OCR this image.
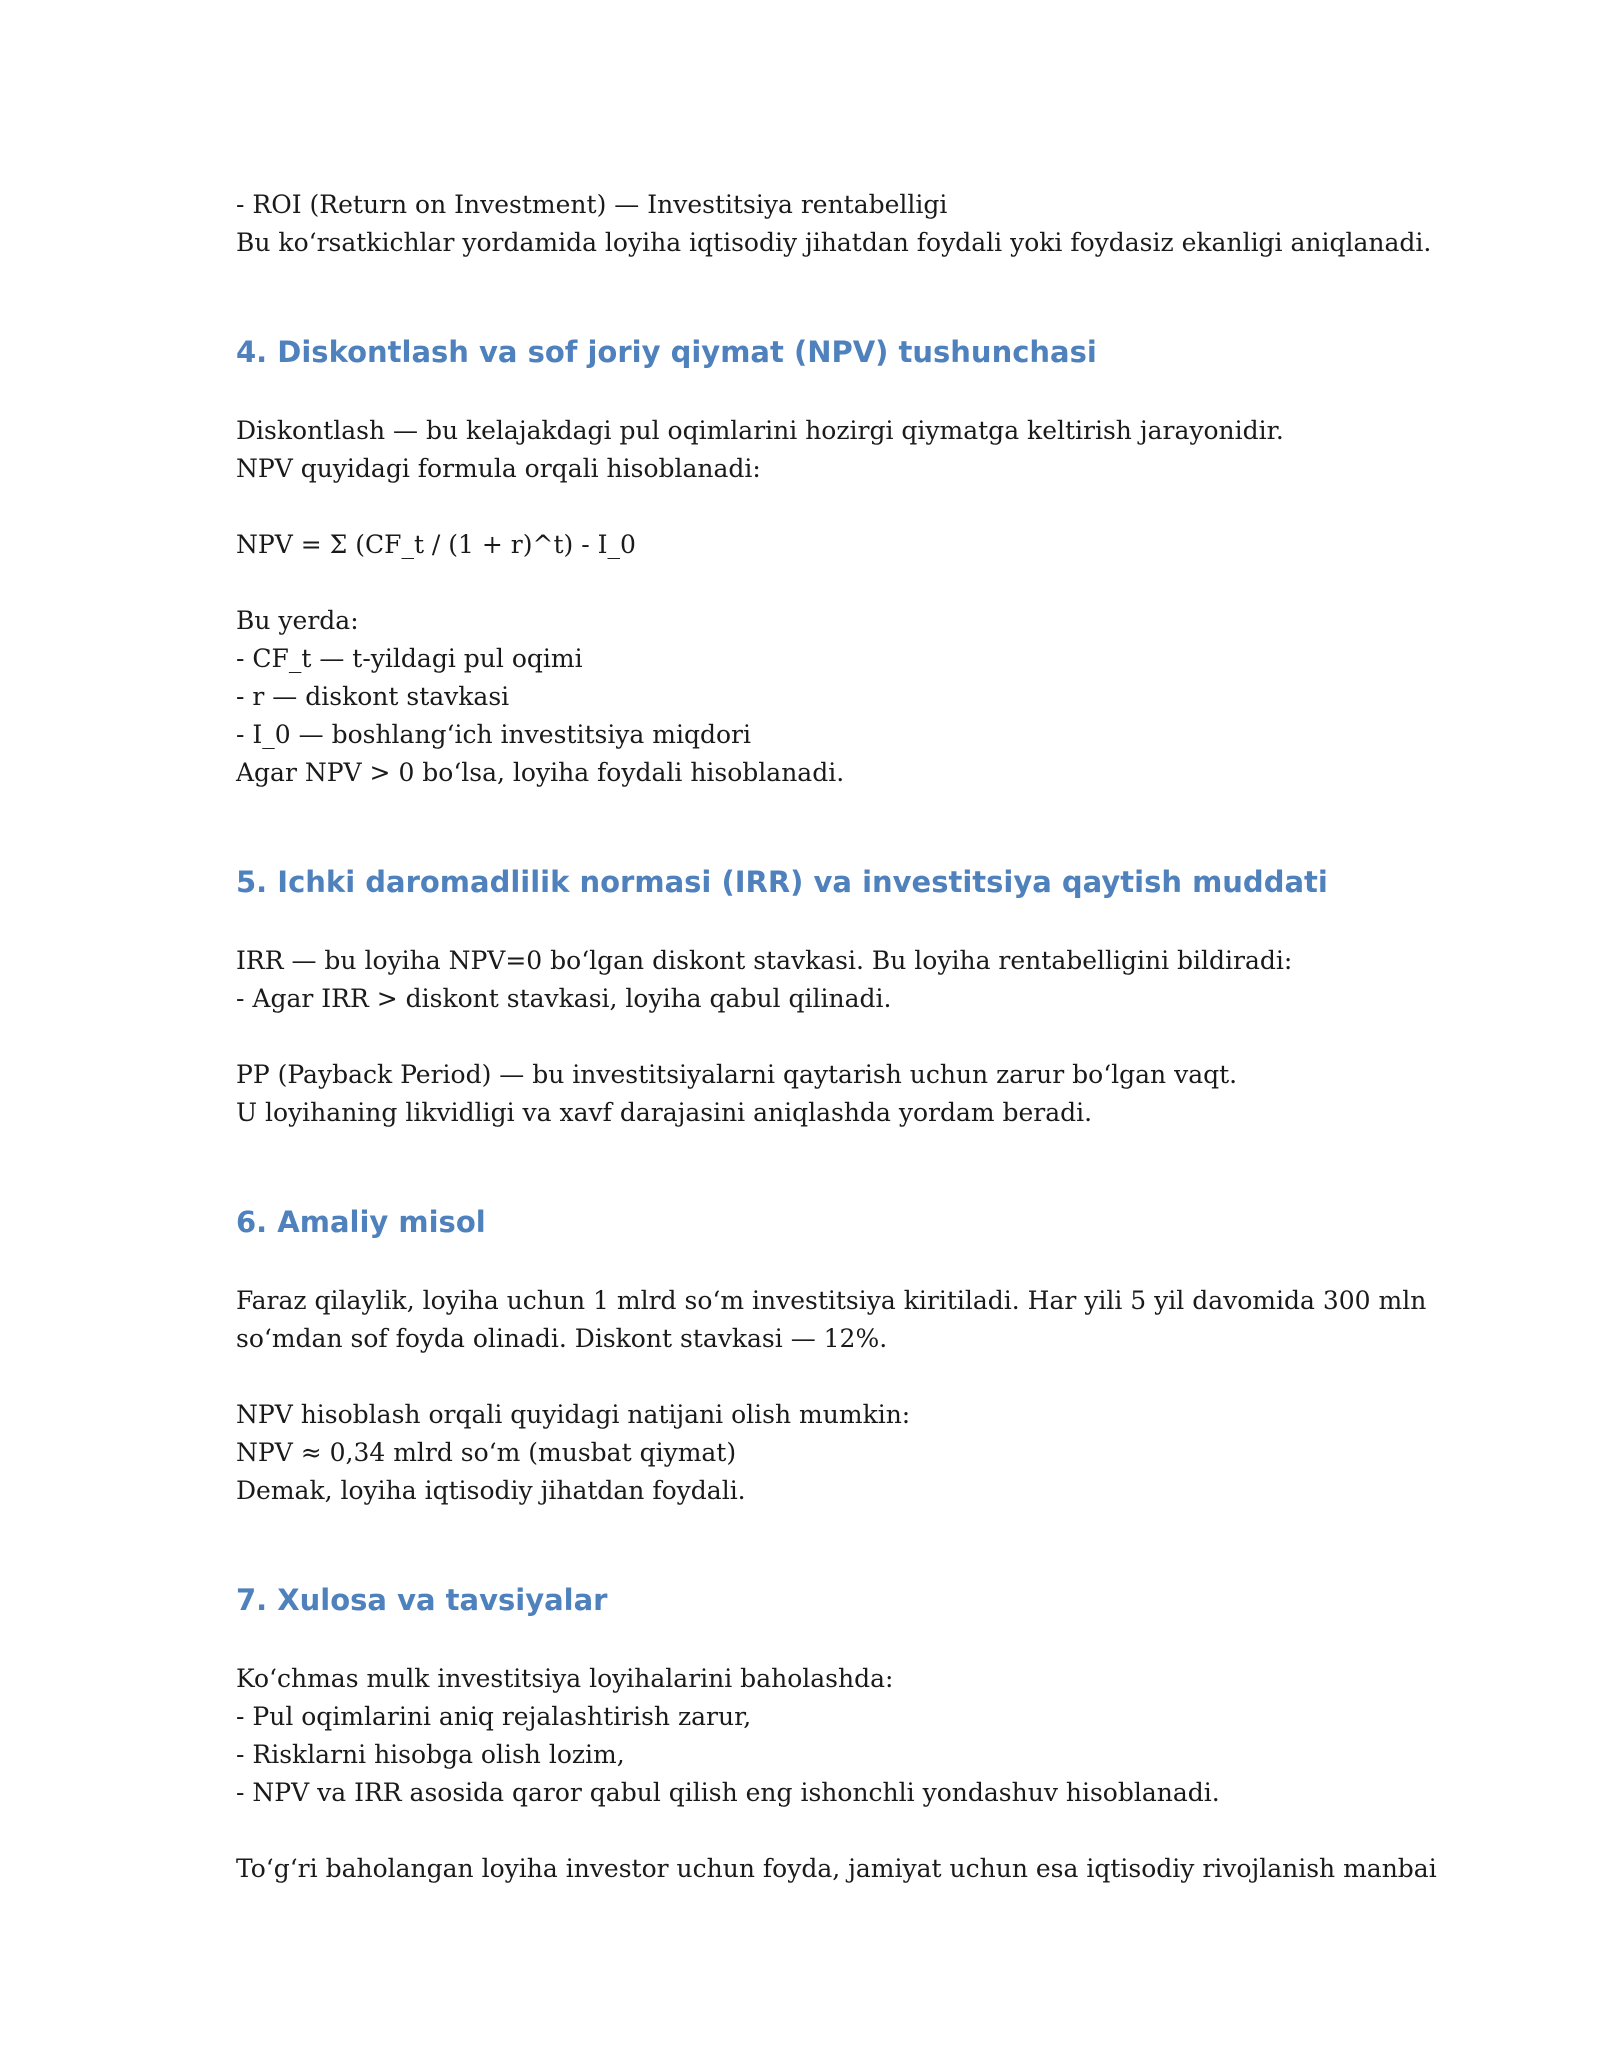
- ROI (Return on Investment) — Investitsiya rentabelligi
Bu ko‘rsatkichlar yordamida loyiha iqtisodiy jihatdan foydali yoki foydasiz ekanligi aniqlanadi.
4. Diskontlash va sof joriy qiymat (NPV) tushunchasi
Diskontlash — bu kelajakdagi pul oqimlarini hozirgi qiymatga keltirish jarayonidir.
NPV quyidagi formula orqali hisoblanadi:
NPV = Σ (CF_t / (1 + r)^t) - I_0
Bu yerda:
- CF_t — t-yildagi pul oqimi
- r — diskont stavkasi
- I_0 — boshlang‘ich investitsiya miqdori
Agar NPV > 0 bo‘lsa, loyiha foydali hisoblanadi.
5. Ichki daromadlilik normasi (IRR) va investitsiya qaytish muddati
IRR — bu loyiha NPV=0 bo‘lgan diskont stavkasi. Bu loyiha rentabelligini bildiradi:
- Agar IRR > diskont stavkasi, loyiha qabul qilinadi.
PP (Payback Period) — bu investitsiyalarni qaytarish uchun zarur bo‘lgan vaqt.
U loyihaning likvidligi va xavf darajasini aniqlashda yordam beradi.
6. Amaliy misol
Faraz qilaylik, loyiha uchun 1 mlrd so‘m investitsiya kiritiladi. Har yili 5 yil davomida 300 mln
so‘mdan sof foyda olinadi. Diskont stavkasi — 12%.
NPV hisoblash orqali quyidagi natijani olish mumkin:
NPV ≈ 0,34 mlrd so‘m (musbat qiymat)
Demak, loyiha iqtisodiy jihatdan foydali.
7. Xulosa va tavsiyalar
Ko‘chmas mulk investitsiya loyihalarini baholashda:
- Pul oqimlarini aniq rejalashtirish zarur,
- Risklarni hisobga olish lozim,
- NPV va IRR asosida qaror qabul qilish eng ishonchli yondashuv hisoblanadi.
To‘g‘ri baholangan loyiha investor uchun foyda, jamiyat uchun esa iqtisodiy rivojlanish manbai
